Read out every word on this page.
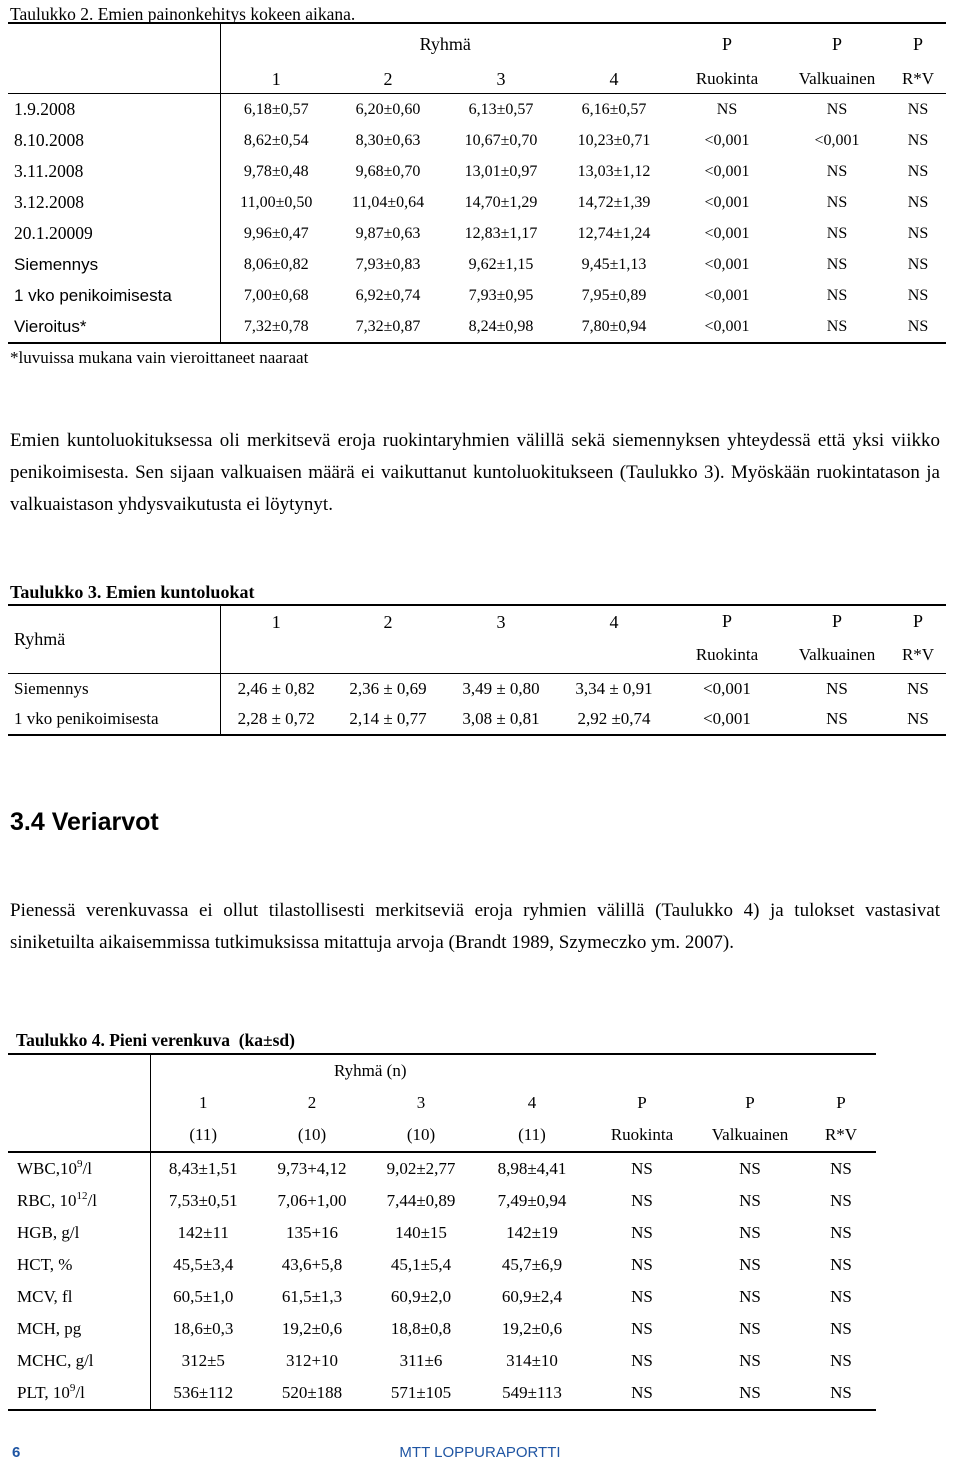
Taulukko 2. Emien painonkehitys kokeen aikana.
	Ryhmä				P	P	P
	1	2	3	4	Ruokinta	Valkuainen	R*V
1.9.2008	6,18±0,57	6,20±0,60	6,13±0,57	6,16±0,57	NS	NS	NS
8.10.2008	8,62±0,54	8,30±0,63	10,67±0,70	10,23±0,71	<0,001	<0,001	NS
3.11.2008	9,78±0,48	9,68±0,70	13,01±0,97	13,03±1,12	<0,001	NS	NS
3.12.2008	11,00±0,50	11,04±0,64	14,70±1,29	14,72±1,39	<0,001	NS	NS
20.1.20009	9,96±0,47	9,87±0,63	12,83±1,17	12,74±1,24	<0,001	NS	NS
Siemennys	8,06±0,82	7,93±0,83	9,62±1,15	9,45±1,13	<0,001	NS	NS
1 vko penikoimisesta	7,00±0,68	6,92±0,74	7,93±0,95	7,95±0,89	<0,001	NS	NS
Vieroitus*	7,32±0,78	7,32±0,87	8,24±0,98	7,80±0,94	<0,001	NS	NS
*luvuissa mukana vain vieroittaneet naaraat
Emien kuntoluokituksessa oli merkitsevä eroja ruokintaryhmien välillä sekä siemennyksen yhteydessä että yksi viikko penikoimisesta. Sen sijaan valkuaisen määrä ei vaikuttanut kuntoluokitukseen (Taulukko 3). Myöskään ruokintatason ja valkuaistason yhdysvaikutusta ei löytynyt.
Taulukko 3. Emien kuntoluokat
Ryhmä	1	2	3	4	P	P	P
					Ruokinta	Valkuainen	R*V
Siemennys	2,46 ± 0,82	2,36 ± 0,69	3,49 ± 0,80	3,34 ± 0,91	<0,001	NS	NS
1 vko penikoimisesta	2,28 ± 0,72	2,14 ± 0,77	3,08 ± 0,81	2,92 ±0,74	<0,001	NS	NS
3.4 Veriarvot
Pienessä verenkuvassa ei ollut tilastollisesti merkitseviä eroja ryhmien välillä (Taulukko 4) ja tulokset vastasivat siniketuilta aikaisemmissa tutkimuksissa mitattuja arvoja (Brandt 1989, Szymeczko ym. 2007).
Taulukko 4. Pieni verenkuva  (ka±sd)
	Ryhmä (n)						
	1	2	3	4	P	P	P
	(11)	(10)	(10)	(11)	Ruokinta	Valkuainen	R*V
$WBC,10^9/l$	8,43±1,51	9,73+4,12	9,02±2,77	8,98±4,41	NS	NS	NS
RBC, $10^{12}/l$	7,53±0,51	7,06+1,00	7,44±0,89	7,49±0,94	NS	NS	NS
HGB, g/l	142±11	135+16	140±15	142±19	NS	NS	NS
HCT, %	45,5±3,4	43,6+5,8	45,1±5,4	45,7±6,9	NS	NS	NS
MCV, fl	60,5±1,0	61,5±1,3	60,9±2,0	60,9±2,4	NS	NS	NS
MCH, pg	18,6±0,3	19,2±0,6	18,8±0,8	19,2±0,6	NS	NS	NS
MCHC, g/l	312±5	312+10	311±6	314±10	NS	NS	NS
PLT, $10^9/l$	536±112	520±188	571±105	549±113	NS	NS	NS
MTT LOPPURAPORTTI
6
